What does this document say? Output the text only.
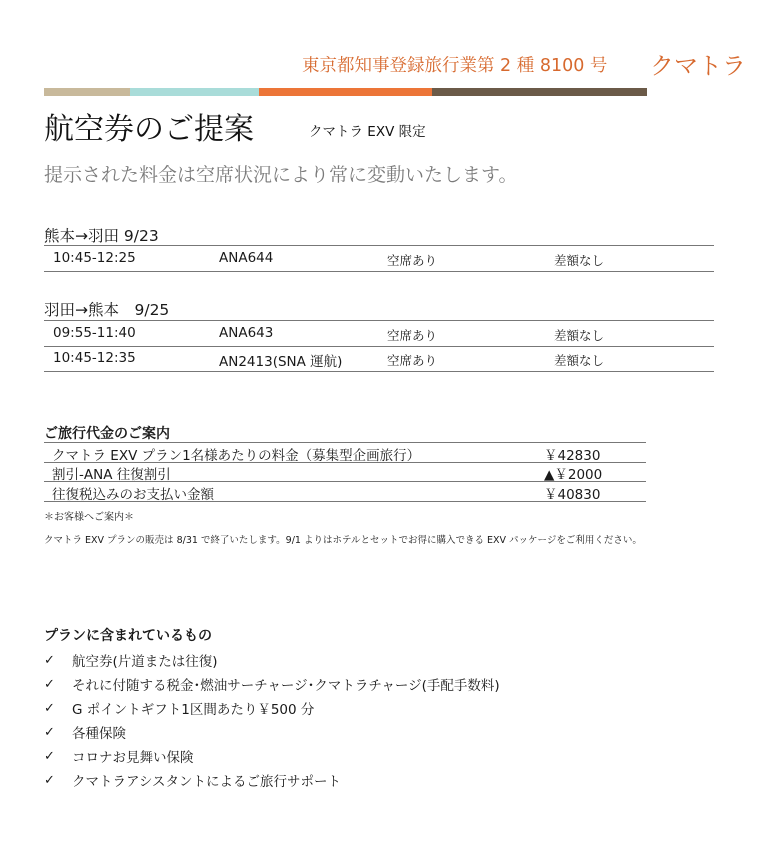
東京都知事登録旅行業第 2 種 8100 号 クマトラ
航空券のご提案	クマトラ EXV 限定
提示された料金は空席状況により常に変動いたします。
熊本→羽田 9/23
10:45-12:25	ANA644	空席あり	差額なし
羽田→熊本　9/25
09:55-11:40	ANA643	空席あり	差額なし
10:45-12:35	AN2413(SNA 運航)	空席あり	差額なし
ご旅行代金のご案内
クマトラ EXV プラン1名様あたりの料金（募集型企画旅行）	￥42830
割引-ANA 往復割引	▲￥2000
往復税込みのお支払い金額	￥40830
＊お客様へご案内＊
クマトラ EXV プランの販売は 8/31 で終了いたします。9/1 よりはホテルとセットでお得に購入できる EXV パッケージをご利用ください。
プランに含まれているもの
✓	航空券(片道または往復)
✓	それに付随する税金･燃油サーチャージ･クマトラチャージ(手配手数料)
✓	G ポイントギフト1区間あたり￥500 分
✓	各種保険
✓	コロナお見舞い保険
✓	クマトラアシスタントによるご旅行サポート
